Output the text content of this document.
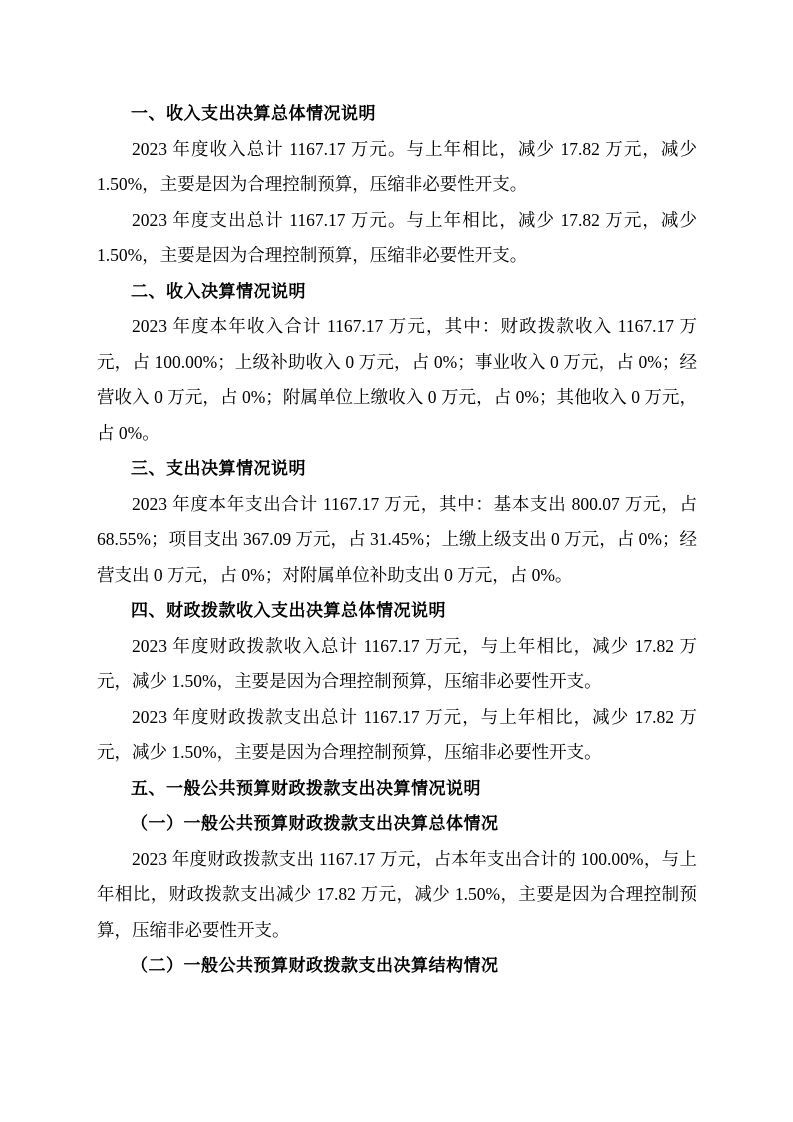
一、收入支出决算总体情况说明

2023 年度收入总计 1167.17 万元。与上年相比，减少 17.82 万元，减少 1.50%，主要是因为合理控制预算，压缩非必要性开支。

2023 年度支出总计 1167.17 万元。与上年相比，减少 17.82 万元，减少 1.50%，主要是因为合理控制预算，压缩非必要性开支。

二、收入决算情况说明

2023 年度本年收入合计 1167.17 万元，其中：财政拨款收入 1167.17 万元，占 100.00%；上级补助收入 0 万元，占 0%；事业收入 0 万元，占 0%；经营收入 0 万元，占 0%；附属单位上缴收入 0 万元，占 0%；其他收入 0 万元，占 0%。

三、支出决算情况说明

2023 年度本年支出合计 1167.17 万元，其中：基本支出 800.07 万元，占 68.55%；项目支出 367.09 万元，占 31.45%；上缴上级支出 0 万元，占 0%；经营支出 0 万元，占 0%；对附属单位补助支出 0 万元，占 0%。

四、财政拨款收入支出决算总体情况说明

2023 年度财政拨款收入总计 1167.17 万元，与上年相比，减少 17.82 万元，减少 1.50%，主要是因为合理控制预算，压缩非必要性开支。

2023 年度财政拨款支出总计 1167.17 万元，与上年相比，减少 17.82 万元，减少 1.50%，主要是因为合理控制预算，压缩非必要性开支。

五、一般公共预算财政拨款支出决算情况说明
（一）一般公共预算财政拨款支出决算总体情况

2023 年度财政拨款支出 1167.17 万元，占本年支出合计的 100.00%，与上年相比，财政拨款支出减少 17.82 万元，减少 1.50%，主要是因为合理控制预算，压缩非必要性开支。

（二）一般公共预算财政拨款支出决算结构情况
